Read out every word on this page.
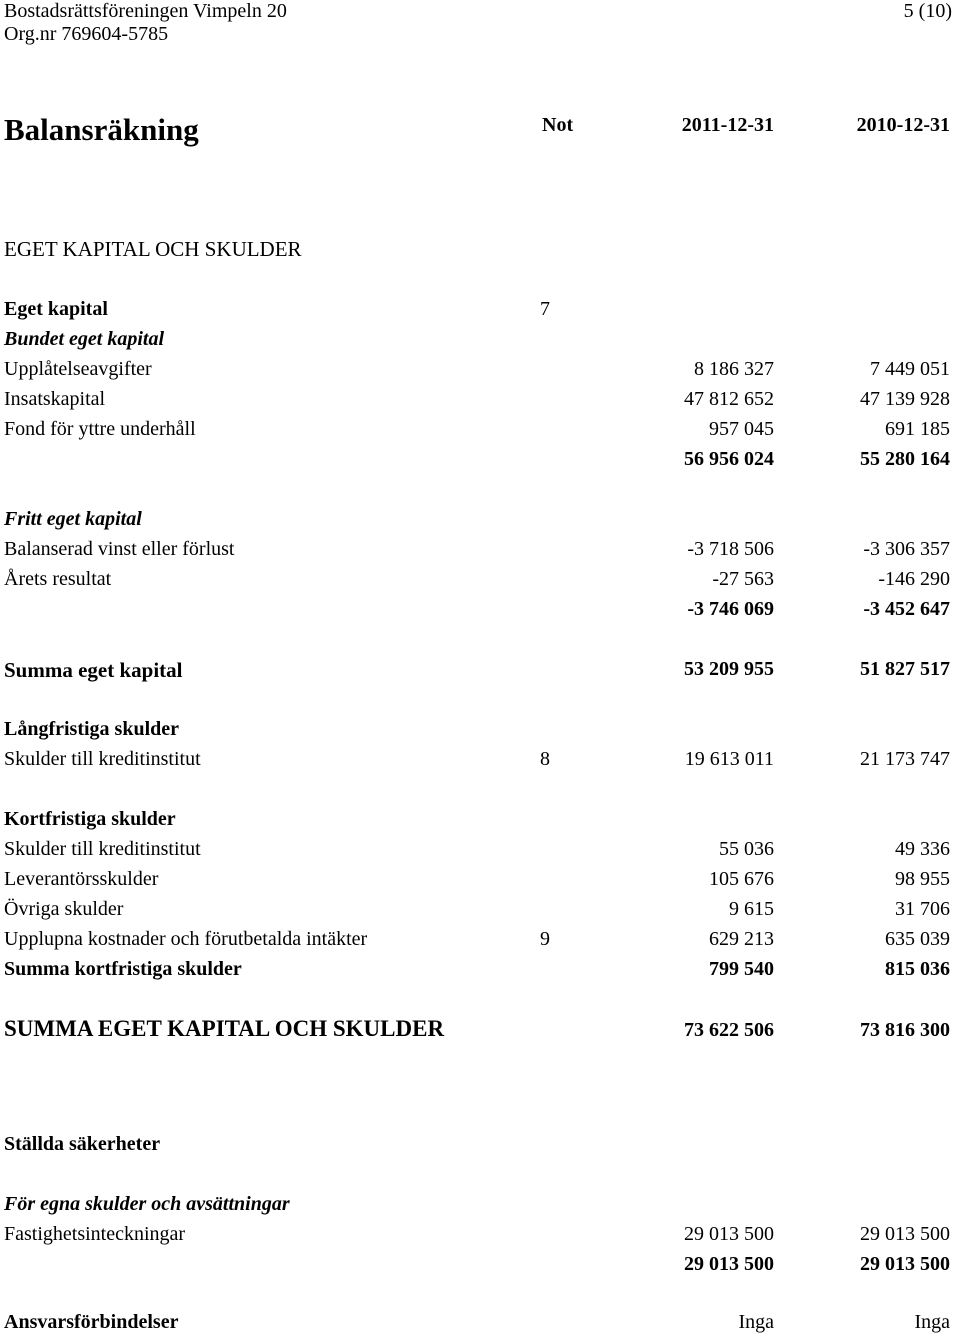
Bostadsrättsföreningen Vimpeln 20	5 (10)
Org.nr 769604-5785
Balansräkning	Not	2011-12-31	2010-12-31
EGET KAPITAL OCH SKULDER
Eget kapital	7
Bundet eget kapital
Upplåtelseavgifter	8 186 327	7 449 051
Insatskapital	47 812 652	47 139 928
Fond för yttre underhåll	957 045	691 185
56 956 024	55 280 164
Fritt eget kapital
Balanserad vinst eller förlust	-3 718 506	-3 306 357
Årets resultat	-27 563	-146 290
-3 746 069	-3 452 647
Summa eget kapital	53 209 955	51 827 517
Långfristiga skulder
Skulder till kreditinstitut	8	19 613 011	21 173 747
Kortfristiga skulder
Skulder till kreditinstitut	55 036	49 336
Leverantörsskulder	105 676	98 955
Övriga skulder	9 615	31 706
Upplupna kostnader och förutbetalda intäkter	9	629 213	635 039
Summa kortfristiga skulder	799 540	815 036
SUMMA EGET KAPITAL OCH SKULDER	73 622 506	73 816 300
Ställda säkerheter
För egna skulder och avsättningar
Fastighetsinteckningar	29 013 500	29 013 500
29 013 500	29 013 500
Ansvarsförbindelser	Inga	Inga
